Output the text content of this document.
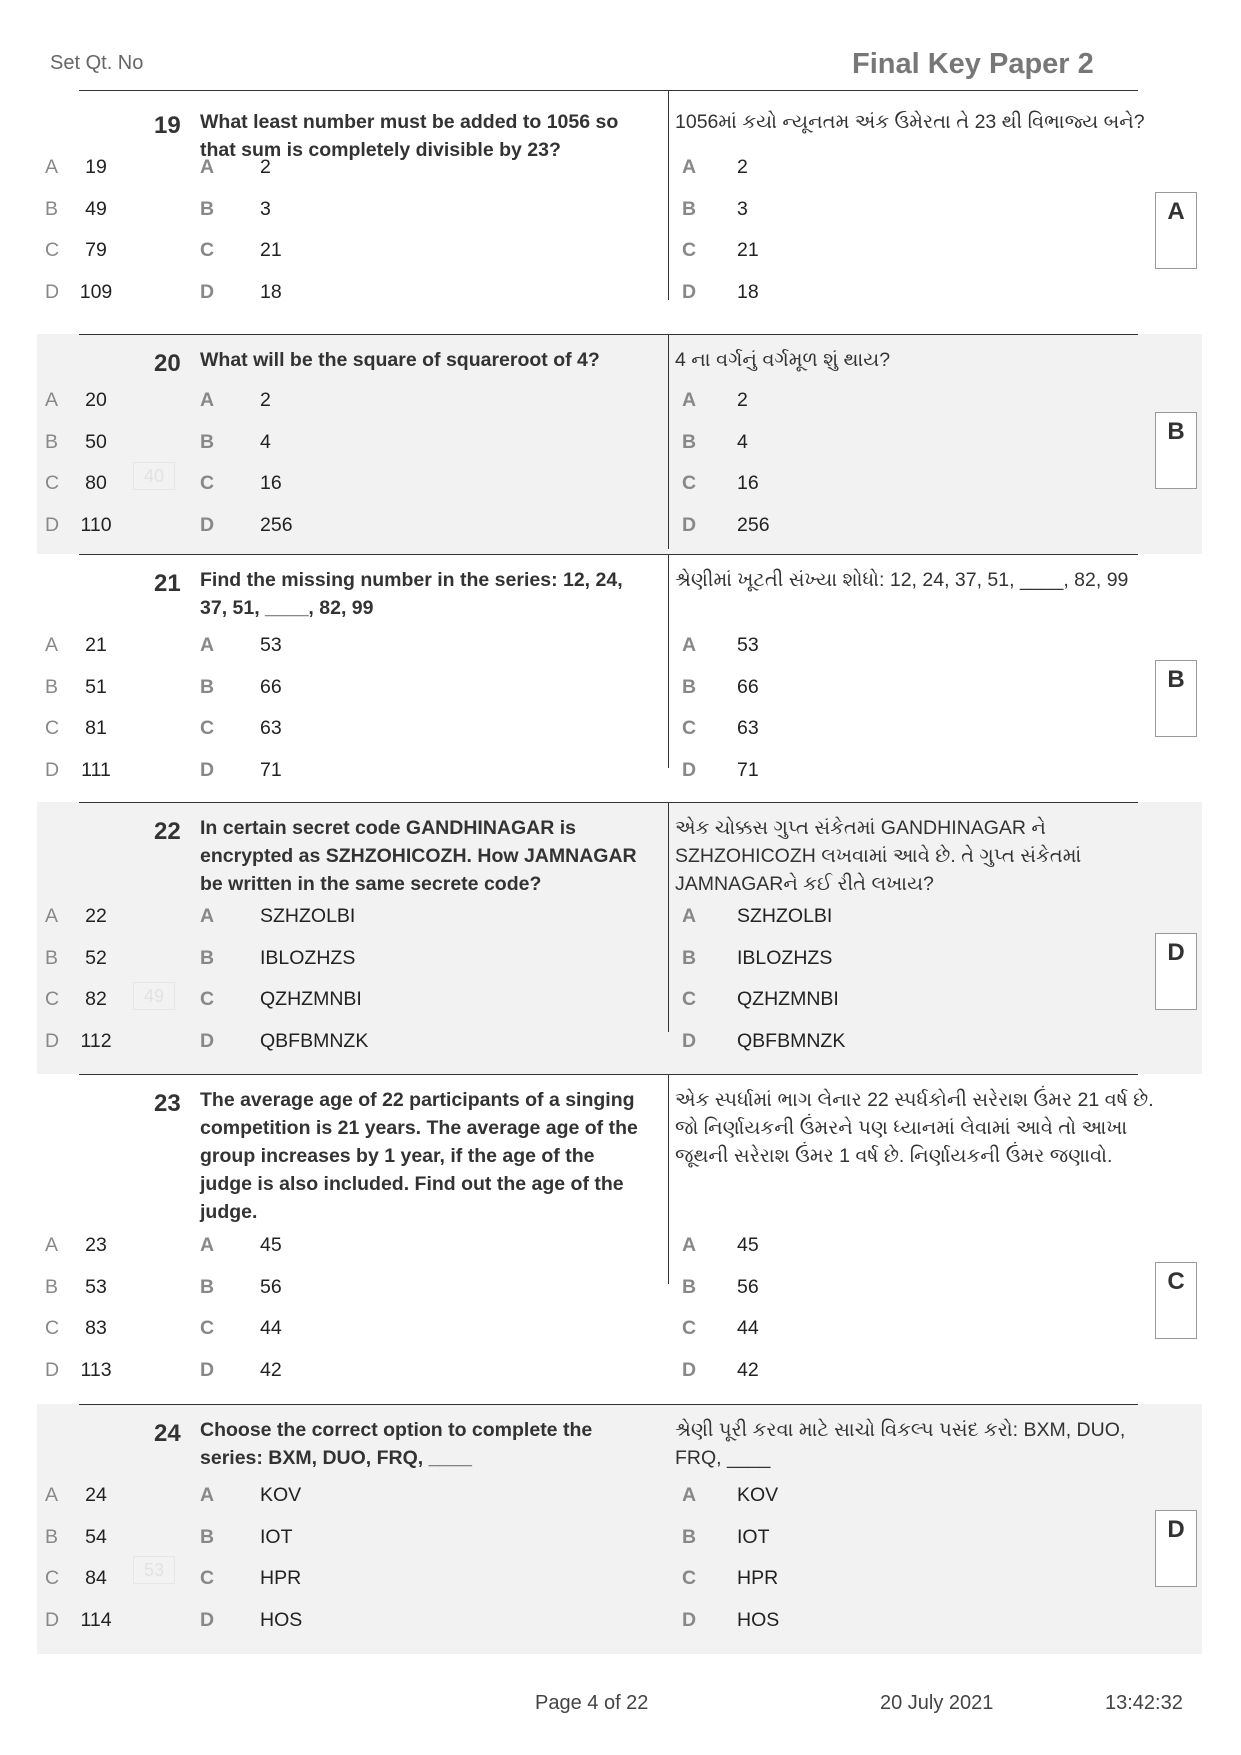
Set Qt. No	Final Key Paper 2
19 What least number must be added to 1056 so that sum is completely divisible by 23?
1056માં કયો ન્યૂનતમ અંક ઉમેરતા તે 23 થી વિભાજ્ય બને?
A	19	A 2	A 2
B	49	B 3	B 3
C	79	C 21	C 21
D 109	D 18	D 18
A
20 What will be the square of squareroot of 4?	4 ના વર્ગનું વર્ગમૂળ શું થાય?
A	20	A 2	A 2
B	50	B 4	B 4
C	80	C 16	C 16
D 110	D 256	D 256
B
40
21 Find the missing number in the series: 12, 24, 37, 51, ____, 82, 99
શ્રેણીમાં ખૂટતી સંખ્યા શોધો: 12, 24, 37, 51, ____, 82, 99
A	21	A 53	A 53
B	51	B 66	B 66
C	81	C 63	C 63
D	111	D 71	D 71
B
22 In certain secret code GANDHINAGAR is encrypted as SZHZOHICOZH. How JAMNAGAR be written in the same secrete code?
એક ચોક્કસ ગુપ્ત સંકેતમાં GANDHINAGAR ને SZHZOHICOZH લખવામાં આવે છે. તે ગુપ્ત સંકેતમાં JAMNAGARને કઈ રીતે લખાય?
A	22	A SZHZOLBI	A SZHZOLBI
B	52	B IBLOZHZS	B IBLOZHZS
C	82	C QZHZMNBI	C QZHZMNBI
D 112	D QBFBMNZK	D QBFBMNZK
D
49
23 The average age of 22 participants of a singing competition is 21 years. The average age of the group increases by 1 year, if the age of the judge is also included. Find out the age of the judge.
એક સ્પર્ધામાં ભાગ લેનાર 22 સ્પર્ધકોની સરેરાશ ઉંમર 21 વર્ષ છે. જો નિર્ણાયકની ઉંમરને પણ ધ્યાનમાં લેવામાં આવે તો આખા જૂથની સરેરાશ ઉંમર 1 વર્ષ છે. નિર્ણાયકની ઉંમર જણાવો.
A	23	A 45	A 45
B	53	B 56	B 56
C	83	C 44	C 44
D 113	D 42	D 42
C
24 Choose the correct option to complete the series: BXM, DUO, FRQ, ____
શ્રેણી પૂરી કરવા માટે સાચો વિકલ્પ પસંદ કરો: BXM, DUO, FRQ, ____
A	24	A KOV	A KOV
B	54	B IOT	B IOT
C	84	C HPR	C HPR
D 114	D HOS	D HOS
D
53
Page 4 of 22	20 July 2021	13:42:32
